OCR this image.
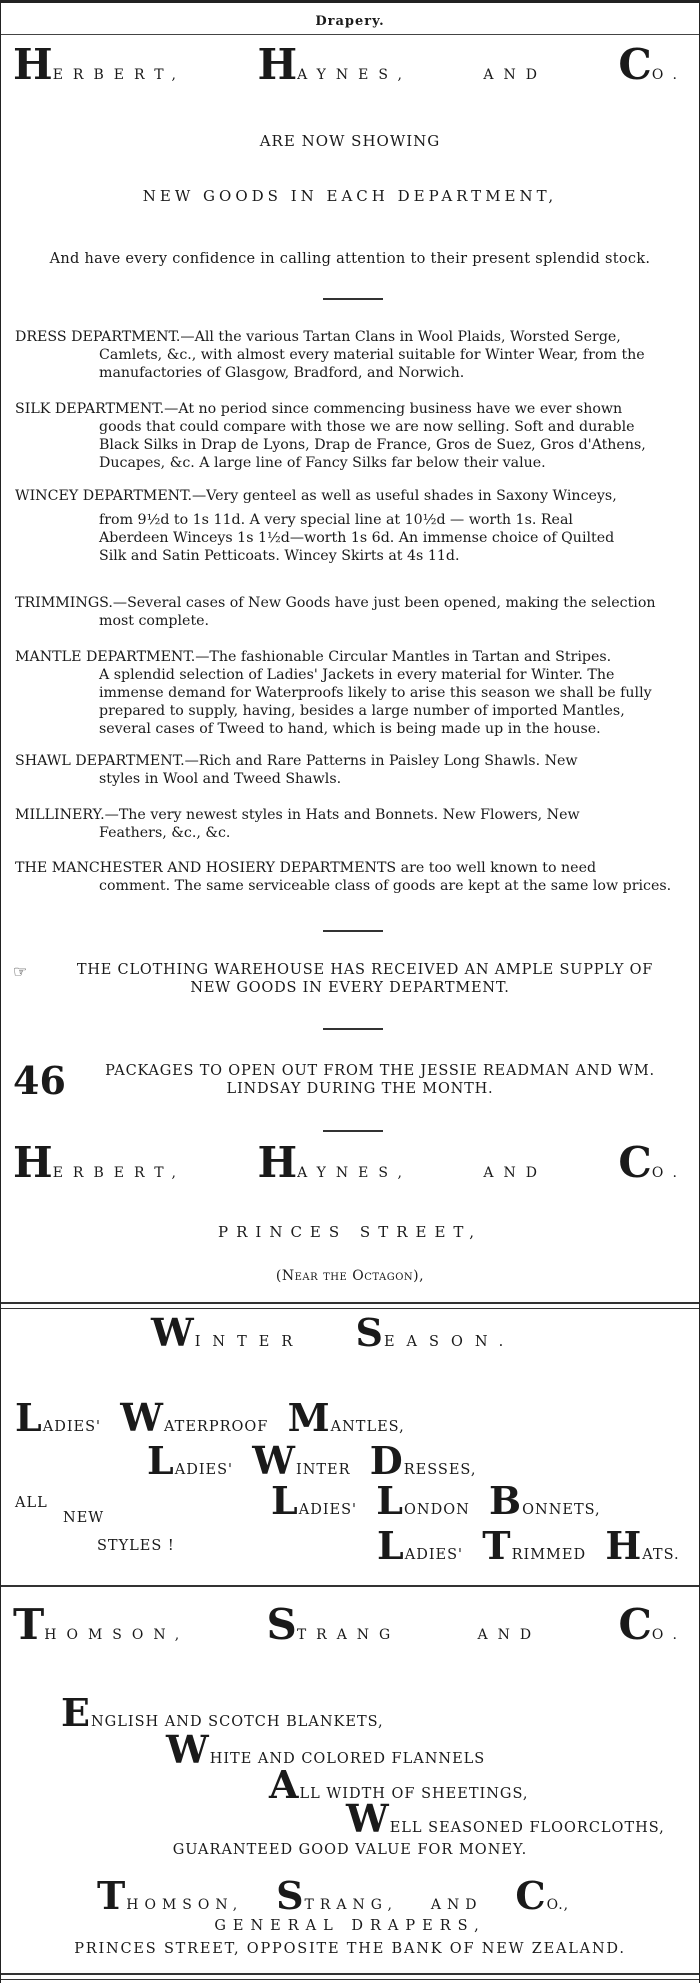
Drapery.
HERBERT, HAYNES,	AND CO.
ARE NOW SHOWING
NEW GOODS IN EACH DEPARTMENT,
And have every confidence in calling attention to their present splendid stock.
DRESS DEPARTMENT.—All the various Tartan Clans in Wool Plaids, Worsted Serge,
Camlets, &c., with almost every material suitable for Winter Wear, from the
manufactories of Glasgow, Bradford, and Norwich.
SILK DEPARTMENT.—At no period since commencing business have we ever shown
goods that could compare with those we are now selling. Soft and durable
Black Silks in Drap de Lyons, Drap de France, Gros de Suez, Gros d'Athens,
Ducapes, &c. A large line of Fancy Silks far below their value.
WINCEY DEPARTMENT.—Very genteel as well as useful shades in Saxony Winceys,
from 9½d to 1s 11d. A very special line at 10½d — worth 1s. Real
Aberdeen Winceys 1s 1½d—worth 1s 6d. An immense choice of Quilted
Silk and Satin Petticoats. Wincey Skirts at 4s 11d.
TRIMMINGS.—Several cases of New Goods have just been opened, making the selection
most complete.
MANTLE DEPARTMENT.—The fashionable Circular Mantles in Tartan and Stripes.
A splendid selection of Ladies' Jackets in every material for Winter. The
immense demand for Waterproofs likely to arise this season we shall be fully
prepared to supply, having, besides a large number of imported Mantles,
several cases of Tweed to hand, which is being made up in the house.
SHAWL DEPARTMENT.—Rich and Rare Patterns in Paisley Long Shawls. New
styles in Wool and Tweed Shawls.
MILLINERY.—The very newest styles in Hats and Bonnets. New Flowers, New
Feathers, &c., &c.
THE MANCHESTER AND HOSIERY DEPARTMENTS are too well known to need
comment. The same serviceable class of goods are kept at the same low prices.
☞	THE CLOTHING WAREHOUSE HAS RECEIVED AN AMPLE SUPPLY OF
NEW GOODS IN EVERY DEPARTMENT.
46	PACKAGES TO OPEN OUT FROM THE JESSIE READMAN AND WM.
LINDSAY DURING THE MONTH.
HERBERT, HAYNES,	AND CO.
PRINCES STREET,
(Near the Octagon),
WINTER SEASON.
LADIES' WATERPROOF MANTLES,
LADIES' WINTER DRESSES,
ALL
NEW
STYLES !
LADIES' LONDON BONNETS,
LADIES' TRIMMED HATS.
THOMSON, STRANG	AND CO.
ENGLISH AND SCOTCH BLANKETS,
WHITE AND COLORED FLANNELS
ALL WIDTH OF SHEETINGS,
WELL SEASONED FLOORCLOTHS,
GUARANTEED GOOD VALUE FOR MONEY.
THOMSON, STRANG, AND CO.,
GENERAL DRAPERS,
PRINCES STREET, OPPOSITE THE BANK OF NEW ZEALAND.
